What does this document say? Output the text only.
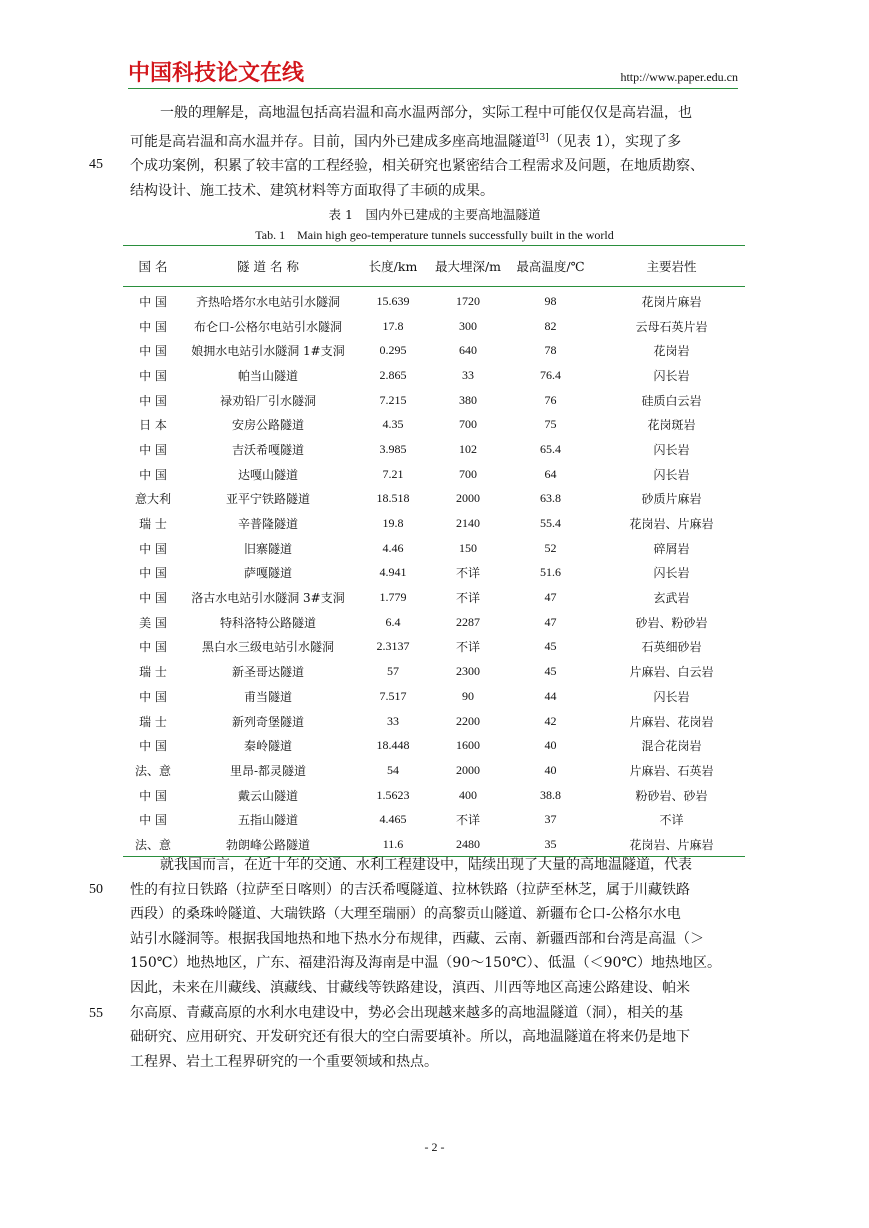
中国科技论文在线	http://www.paper.edu.cn
一般的理解是，高地温包括高岩温和高水温两部分，实际工程中可能仅仅是高岩温，也
可能是高岩温和高水温并存。目前，国内外已建成多座高地温隧道[3]（见表 1），实现了多
个成功案例，积累了较丰富的工程经验，相关研究也紧密结合工程需求及问题，在地质勘察、
结构设计、施工技术、建筑材料等方面取得了丰硕的成果。
45
表 1　国内外已建成的主要高地温隧道
Tab. 1　Main high geo-temperature tunnels successfully built in the world
国 名	隧 道 名 称	长度/km	最大埋深/m	最高温度/℃	主要岩性
中 国	齐热哈塔尔水电站引水隧洞	15.639	1720	98	花岗片麻岩
中 国	布仑口-公格尔电站引水隧洞	17.8	300	82	云母石英片岩
中 国	娘拥水电站引水隧洞 1#支洞	0.295	640	78	花岗岩
中 国	帕当山隧道	2.865	33	76.4	闪长岩
中 国	禄劝铅厂引水隧洞	7.215	380	76	硅质白云岩
日 本	安房公路隧道	4.35	700	75	花岗斑岩
中 国	吉沃希嘎隧道	3.985	102	65.4	闪长岩
中 国	达嘎山隧道	7.21	700	64	闪长岩
意大利	亚平宁铁路隧道	18.518	2000	63.8	砂质片麻岩
瑞 士	辛普隆隧道	19.8	2140	55.4	花岗岩、片麻岩
中 国	旧寨隧道	4.46	150	52	碎屑岩
中 国	萨嘎隧道	4.941	不详	51.6	闪长岩
中 国	洛古水电站引水隧洞 3#支洞	1.779	不详	47	玄武岩
美 国	特科洛特公路隧道	6.4	2287	47	砂岩、粉砂岩
中 国	黑白水三级电站引水隧洞	2.3137	不详	45	石英细砂岩
瑞 士	新圣哥达隧道	57	2300	45	片麻岩、白云岩
中 国	甫当隧道	7.517	90	44	闪长岩
瑞 士	新列奇堡隧道	33	2200	42	片麻岩、花岗岩
中 国	秦岭隧道	18.448	1600	40	混合花岗岩
法、意	里昂-都灵隧道	54	2000	40	片麻岩、石英岩
中 国	戴云山隧道	1.5623	400	38.8	粉砂岩、砂岩
中 国	五指山隧道	4.465	不详	37	不详
法、意	勃朗峰公路隧道	11.6	2480	35	花岗岩、片麻岩
就我国而言，在近十年的交通、水利工程建设中，陆续出现了大量的高地温隧道，代表
性的有拉日铁路（拉萨至日喀则）的吉沃希嘎隧道、拉林铁路（拉萨至林芝，属于川藏铁路
西段）的桑珠岭隧道、大瑞铁路（大理至瑞丽）的高黎贡山隧道、新疆布仑口-公格尔水电
站引水隧洞等。根据我国地热和地下热水分布规律，西藏、云南、新疆西部和台湾是高温（＞
150℃）地热地区，广东、福建沿海及海南是中温（90～150℃）、低温（＜90℃）地热地区。
因此，未来在川藏线、滇藏线、甘藏线等铁路建设，滇西、川西等地区高速公路建设、帕米
尔高原、青藏高原的水利水电建设中，势必会出现越来越多的高地温隧道（洞），相关的基
础研究、应用研究、开发研究还有很大的空白需要填补。所以，高地温隧道在将来仍是地下
工程界、岩土工程界研究的一个重要领域和热点。
50
55
- 2 -
